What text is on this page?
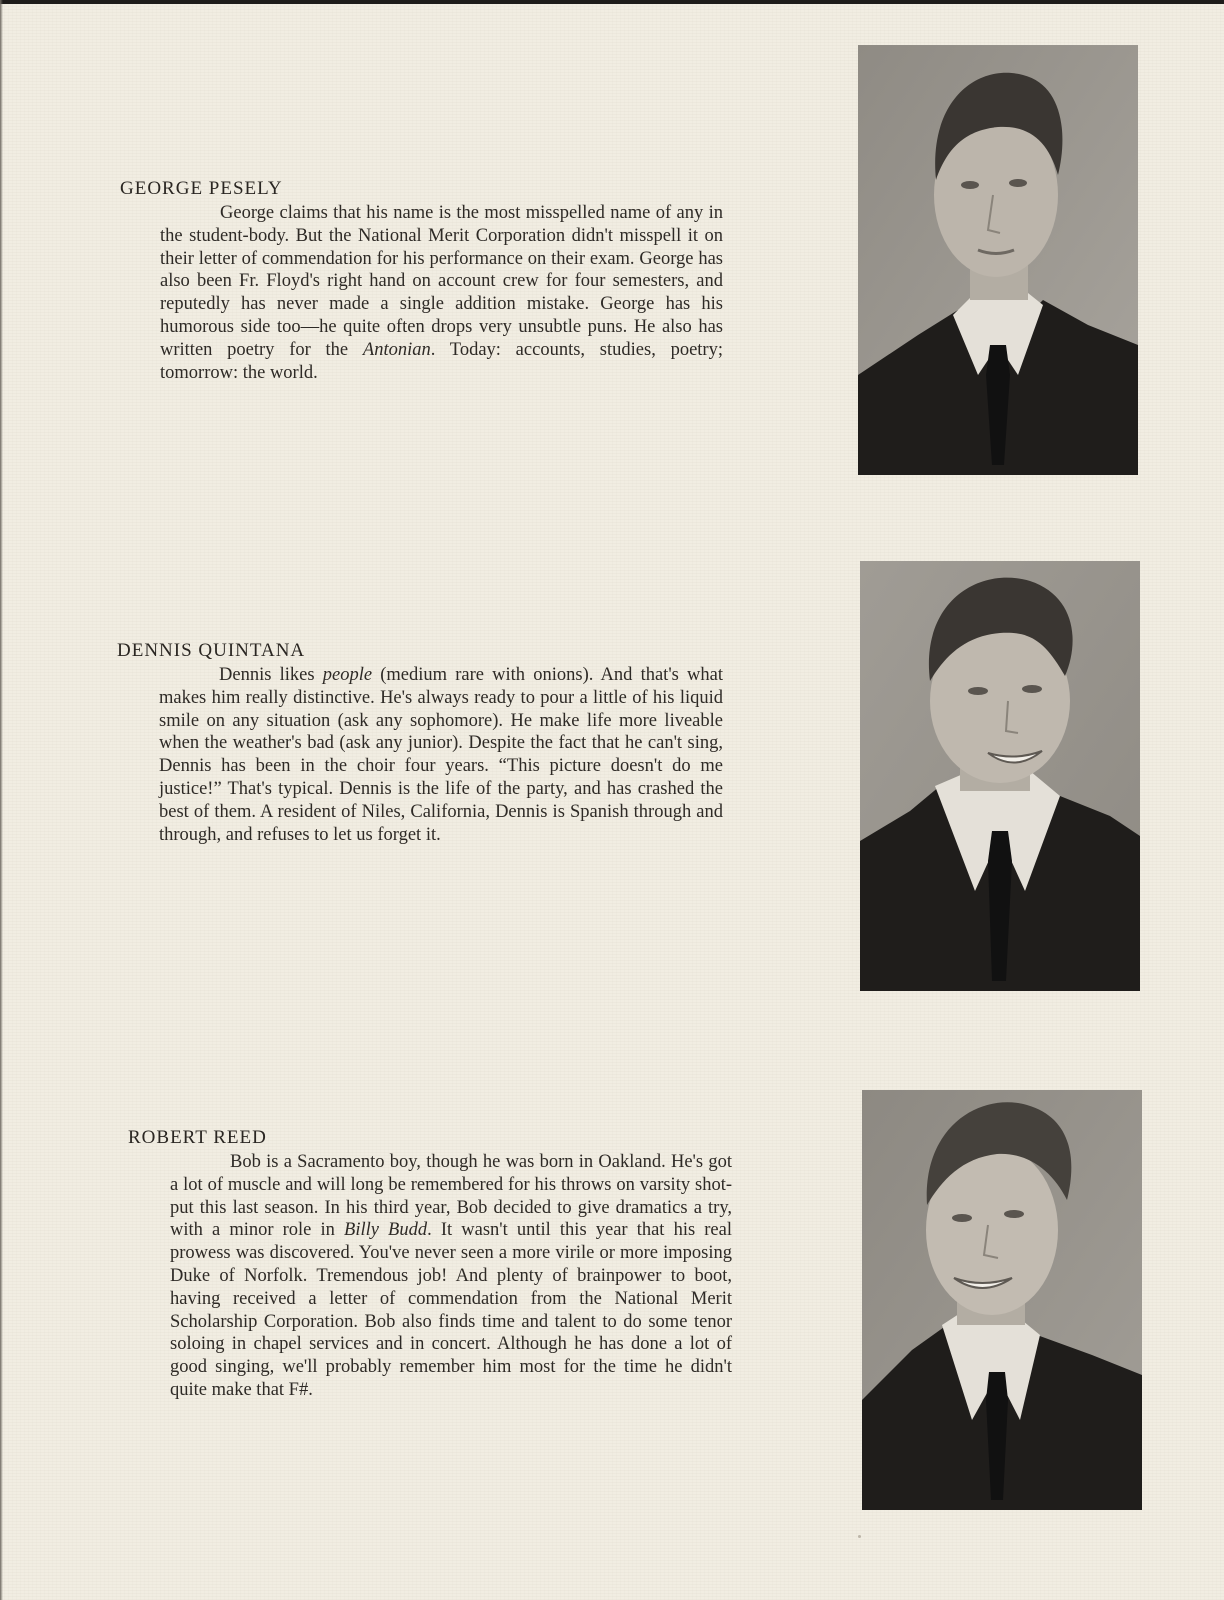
GEORGE PESELY

George claims that his name is the most misspelled name of any in the student-body. But the National Merit Corporation didn't misspell it on their letter of commendation for his performance on their exam. George has also been Fr. Floyd's right hand on account crew for four semesters, and reputedly has never made a single addition mistake. George has his humorous side too—he quite often drops very unsubtle puns. He also has written poetry for the Antonian. Today: accounts, studies, poetry; tomorrow: the world.

DENNIS QUINTANA

Dennis likes people (medium rare with onions). And that's what makes him really distinctive. He's always ready to pour a little of his liquid smile on any situation (ask any sophomore). He make life more liveable when the weather's bad (ask any junior). Despite the fact that he can't sing, Dennis has been in the choir four years. “This picture doesn't do me justice!” That's typical. Dennis is the life of the party, and has crashed the best of them. A resident of Niles, California, Dennis is Spanish through and through, and refuses to let us forget it.

ROBERT REED

Bob is a Sacramento boy, though he was born in Oakland. He's got a lot of muscle and will long be remembered for his throws on varsity shot-put this last season. In his third year, Bob decided to give dramatics a try, with a minor role in Billy Budd. It wasn't until this year that his real prowess was discovered. You've never seen a more virile or more imposing Duke of Norfolk. Tremendous job! And plenty of brainpower to boot, having received a letter of commendation from the National Merit Scholarship Corporation. Bob also finds time and talent to do some tenor soloing in chapel services and in concert. Although he has done a lot of good singing, we'll probably remember him most for the time he didn't quite make that F#.
